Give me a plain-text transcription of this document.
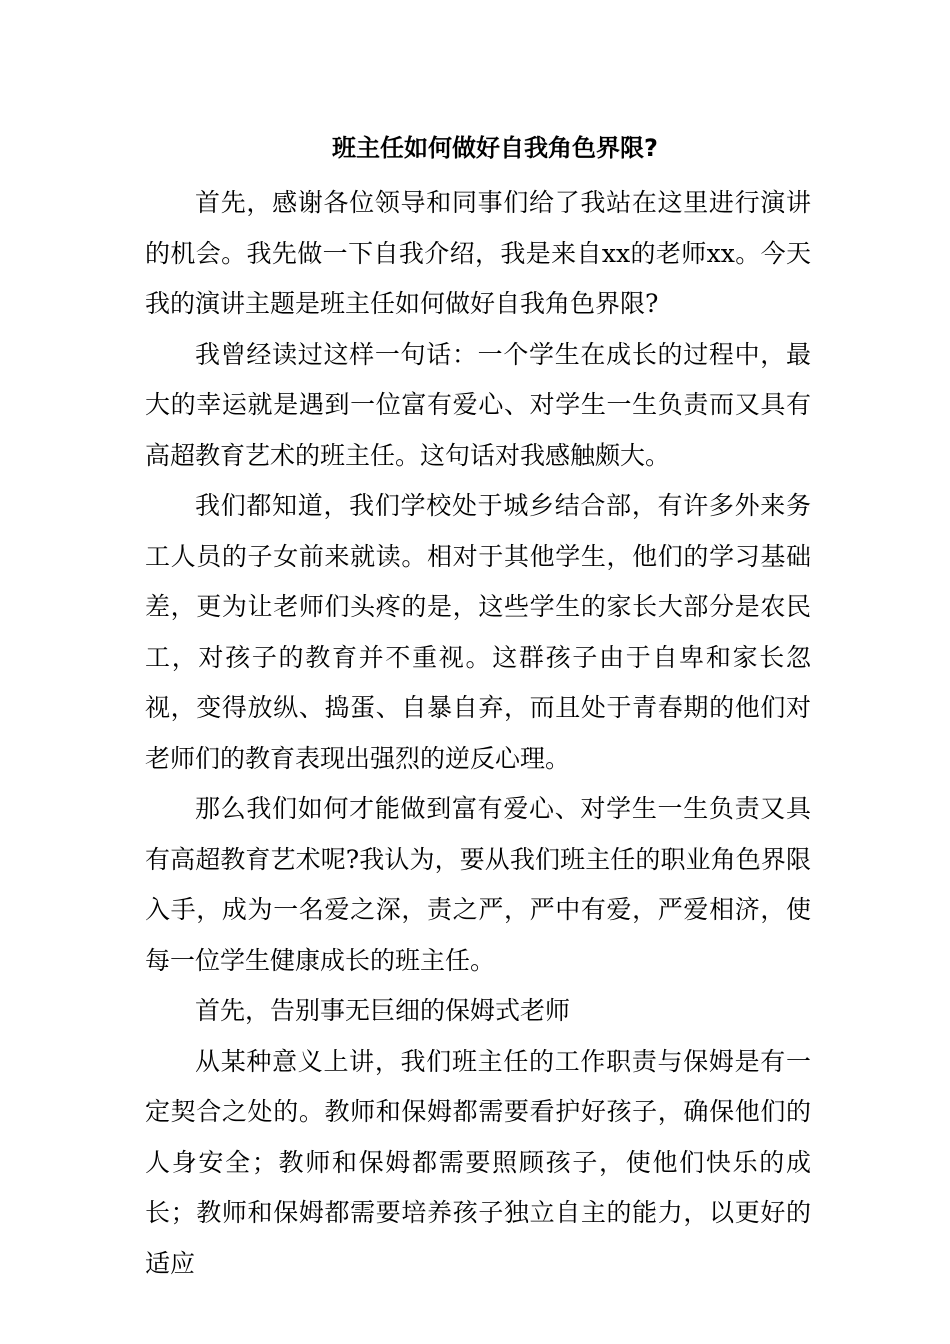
班主任如何做好自我角色界限?

首先，感谢各位领导和同事们给了我站在这里进行演讲的机会。我先做一下自我介绍，我是来自xx的老师xx。今天我的演讲主题是班主任如何做好自我角色界限?

我曾经读过这样一句话：一个学生在成长的过程中，最大的幸运就是遇到一位富有爱心、对学生一生负责而又具有高超教育艺术的班主任。这句话对我感触颇大。

我们都知道，我们学校处于城乡结合部，有许多外来务工人员的子女前来就读。相对于其他学生，他们的学习基础差，更为让老师们头疼的是，这些学生的家长大部分是农民工，对孩子的教育并不重视。这群孩子由于自卑和家长忽视，变得放纵、捣蛋、自暴自弃，而且处于青春期的他们对老师们的教育表现出强烈的逆反心理。

那么我们如何才能做到富有爱心、对学生一生负责又具有高超教育艺术呢?我认为，要从我们班主任的职业角色界限入手，成为一名爱之深，责之严，严中有爱，严爱相济，使每一位学生健康成长的班主任。

首先，告别事无巨细的保姆式老师

从某种意义上讲，我们班主任的工作职责与保姆是有一定契合之处的。教师和保姆都需要看护好孩子，确保他们的人身安全；教师和保姆都需要照顾孩子，使他们快乐的成长；教师和保姆都需要培养孩子独立自主的能力，以更好的适应
